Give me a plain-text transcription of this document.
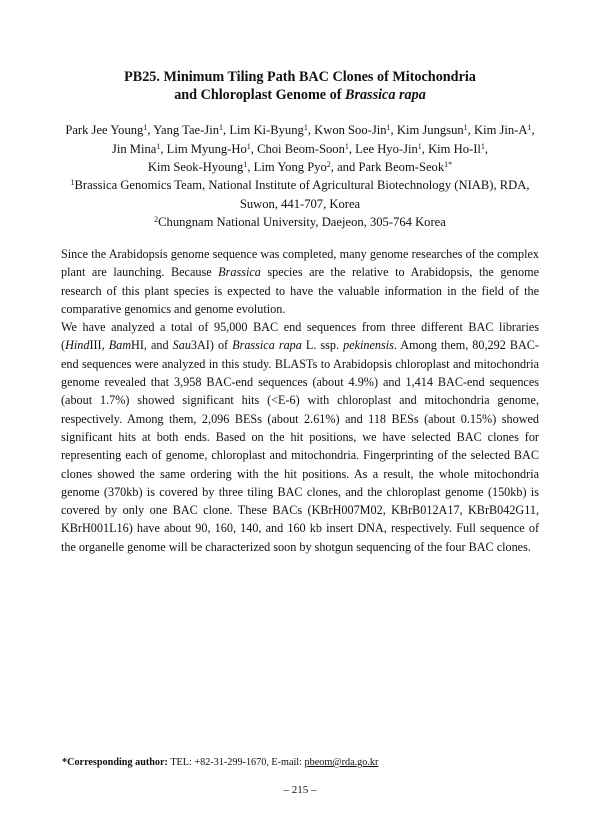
PB25. Minimum Tiling Path BAC Clones of Mitochondria
and Chloroplast Genome of Brassica rapa
Park Jee Young$^1$, Yang Tae-Jin$^1$, Lim Ki-Byung$^1$, Kwon Soo-Jin$^1$, Kim Jungsun$^1$, Kim Jin-$A^1$,
Jin Mina$^1$, Lim Myung-Ho$^1$, Choi Beom-Soon$^1$, Lee Hyo-Jin$^1$, Kim Ho-Il$^1$,
Kim Seok-Hyoung$^1$, Lim Yong Pyo$^2$, and Park Beom-Seok$^{1*}$
$^1$Brassica Genomics Team, National Institute of Agricultural Biotechnology (NIAB), RDA,
Suwon, 441-707, Korea
$^2$Chungnam National University, Daejeon, 305-764 Korea

Since the Arabidopsis genome sequence was completed, many genome researches of the complex plant are launching. Because Brassica species are the relative to Arabidopsis, the genome research of this plant species is expected to have the valuable information in the field of the comparative genomics and genome evolution.

We have analyzed a total of 95,000 BAC end sequences from three different BAC libraries (HindIII, BamHI, and Sau3AI) of Brassica rapa L. ssp. pekinensis. Among them, 80,292 BAC-end sequences were analyzed in this study. BLASTs to Arabidopsis chloroplast and mitochondria genome revealed that 3,958 BAC-end sequences (about 4.9%) and 1,414 BAC-end sequences (about 1.7%) showed significant hits (<E-6) with chloroplast and mitochondria genome, respectively. Among them, 2,096 BESs (about 2.61%) and 118 BESs (about 0.15%) showed significant hits at both ends. Based on the hit positions, we have selected BAC clones for representing each of genome, chloroplast and mitochondria. Fingerprinting of the selected BAC clones showed the same ordering with the hit positions. As a result, the whole mitochondria genome (370kb) is covered by three tiling BAC clones, and the chloroplast genome (150kb) is covered by only one BAC clone. These BACs (KBrH007M02, KBrB012A17, KBrB042G11, KBrH001L16) have about 90, 160, 140, and 160 kb insert DNA, respectively. Full sequence of the organelle genome will be characterized soon by shotgun sequencing of the four BAC clones.

*Corresponding author: TEL: +82-31-299-1670, E-mail: pbeom@rda.go.kr
– 215 –
